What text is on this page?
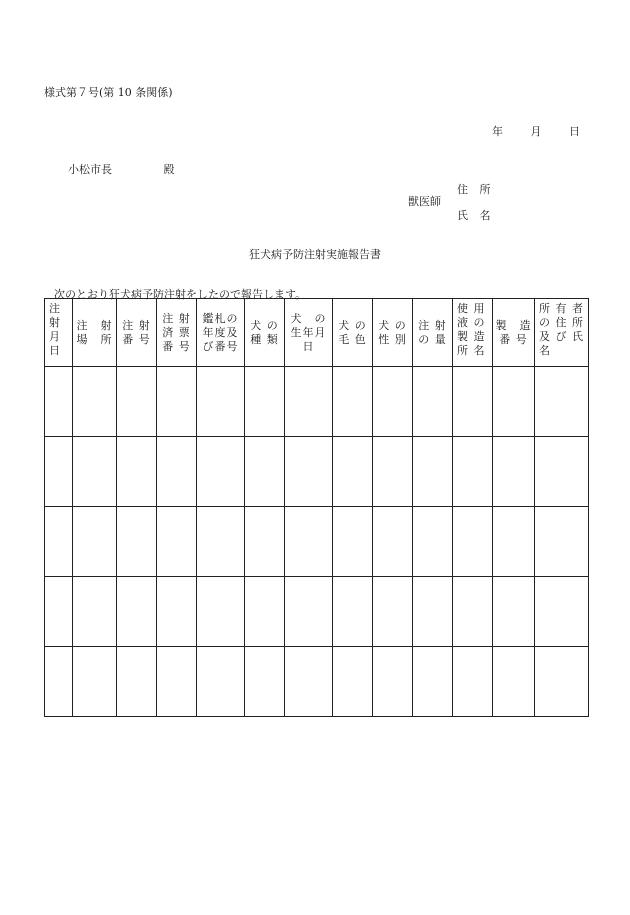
様式第７号(第 10 条関係)
年	月	日
小松市長	殿
獣医師
住 所
氏 名
狂犬病予防注射実施報告書
次のとおり狂犬病予防注射をしたので報告します。
注
射
月
日	注　射
場　所	注 射
番 号	注 射
済 票
番 号	鑑札の
年度及
び番号	犬 の
種 類	犬　の
生年月
日	犬 の
毛 色	犬 の
性 別	注 射
の 量	使 用
液 の
製 造
所 名	製　造
番 号	所 有 者
の 住 所
及 び 氏
名
